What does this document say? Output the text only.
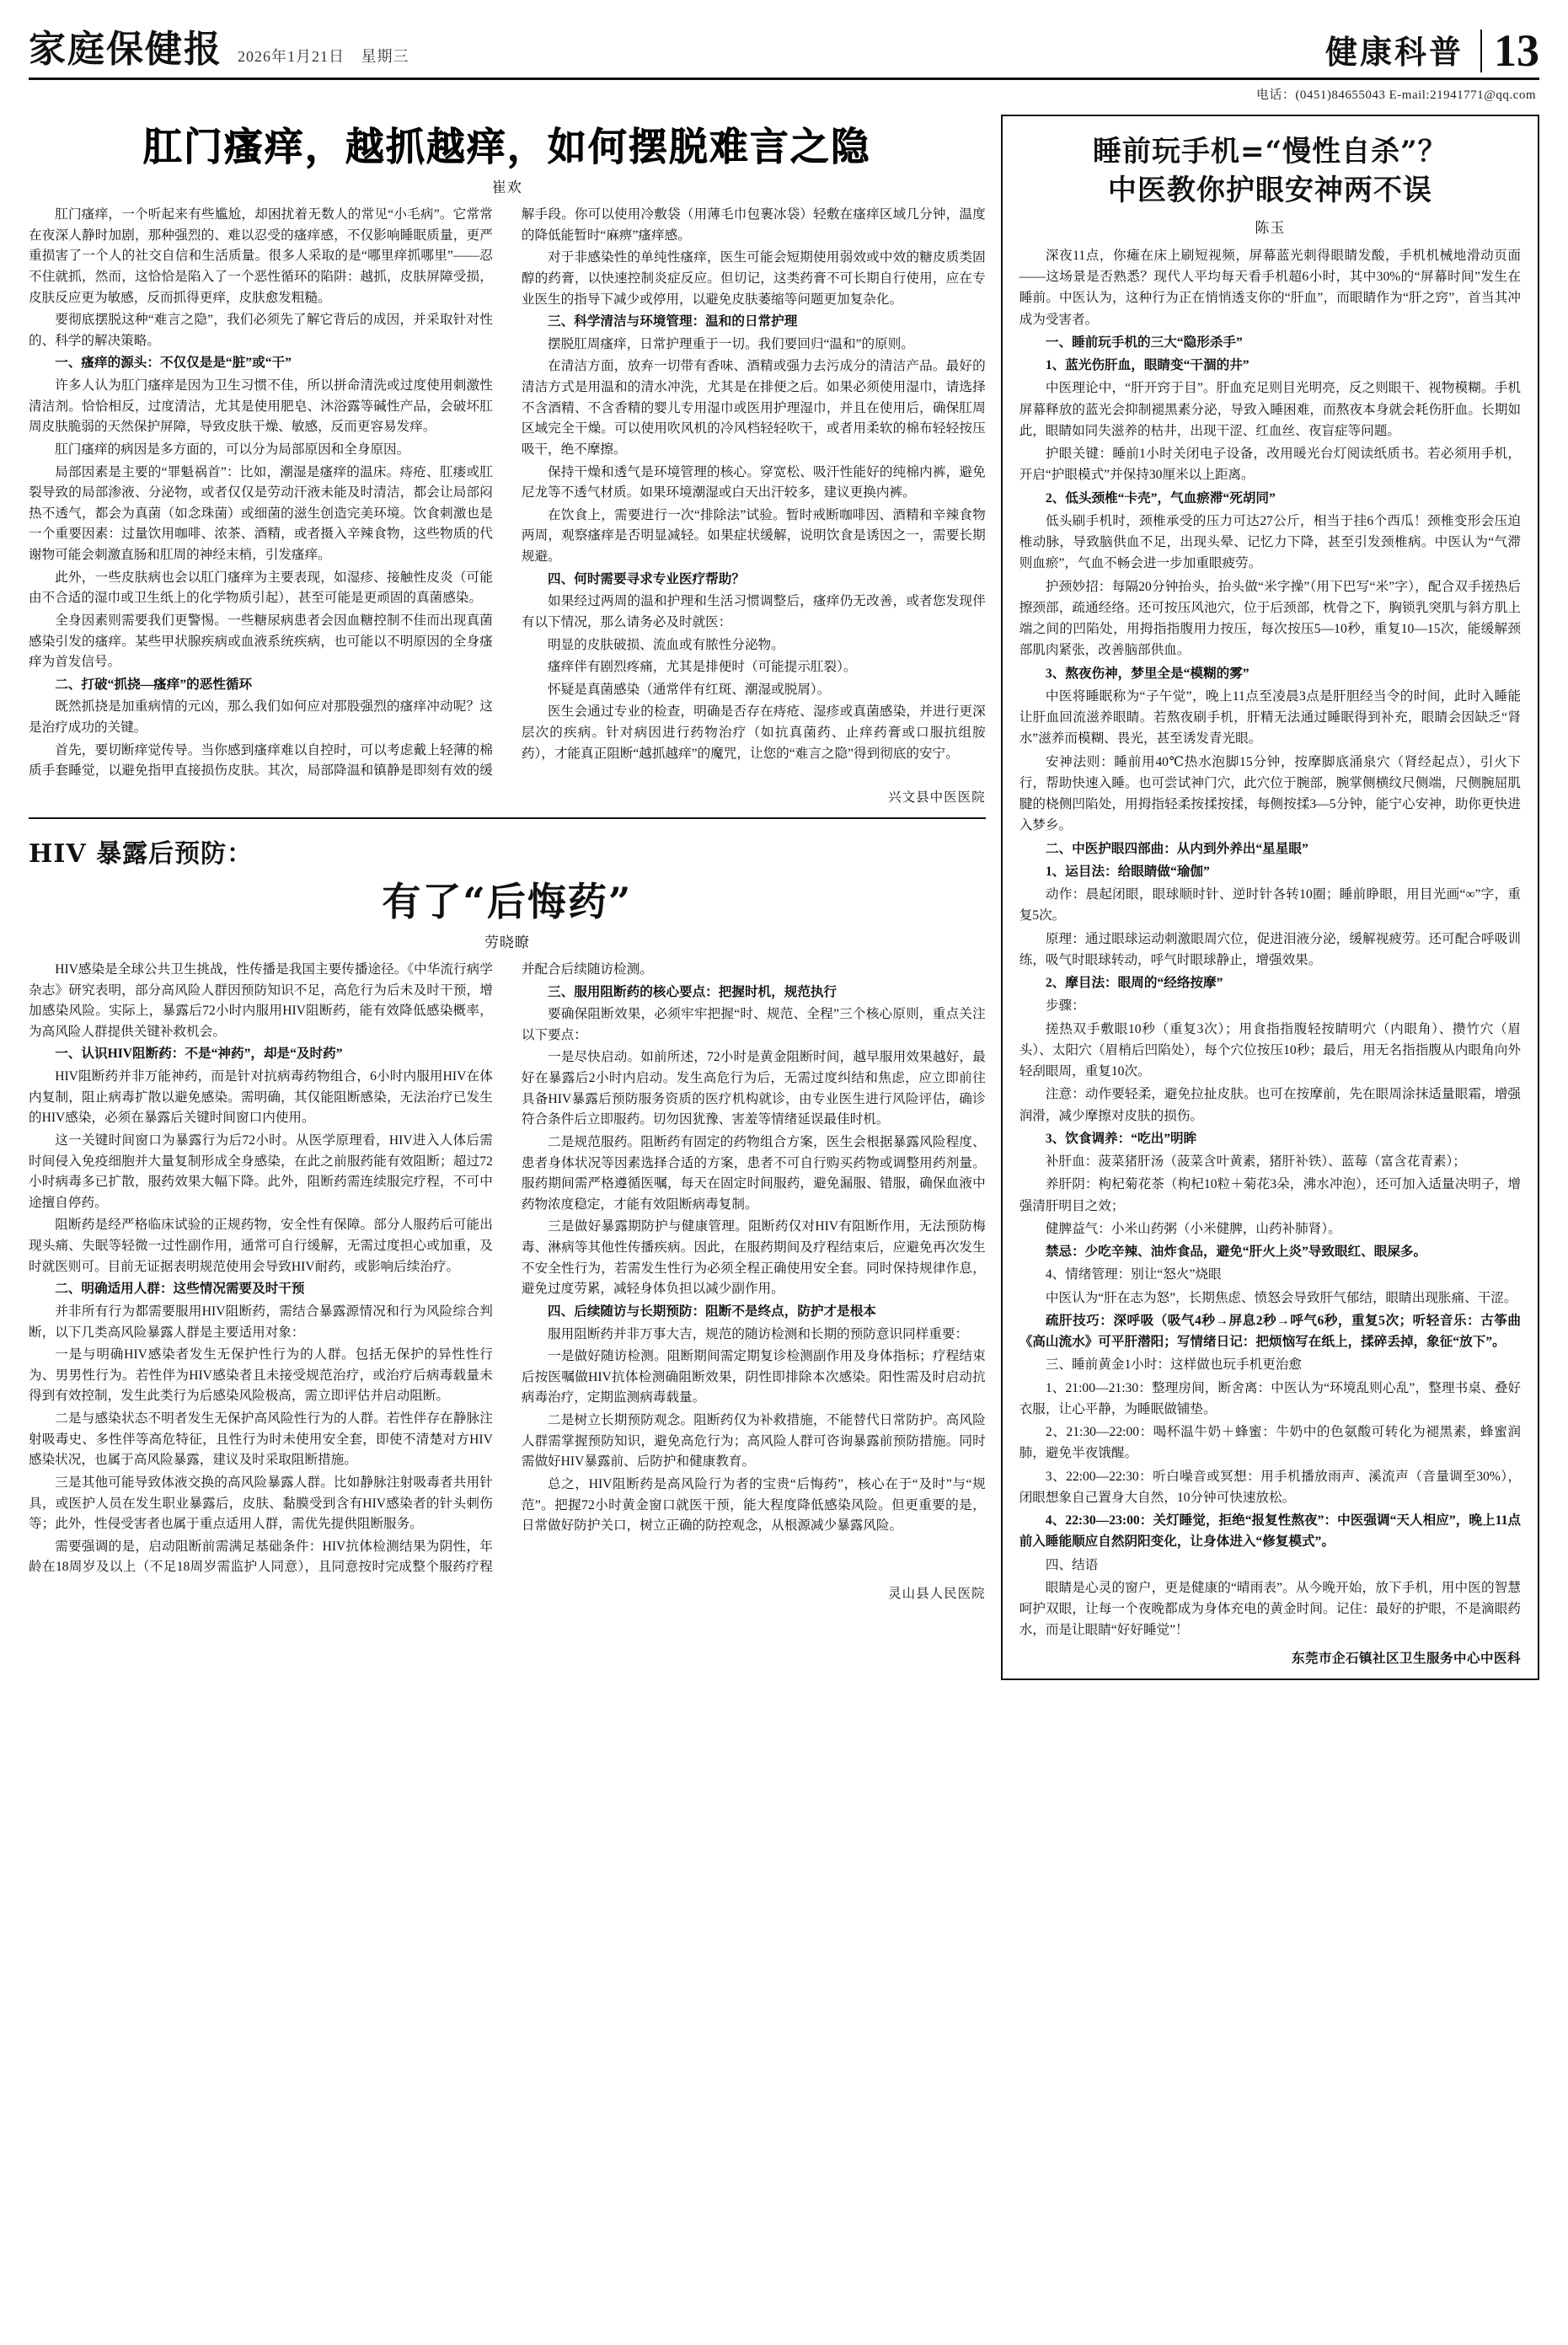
家庭保健报 2026年1月21日 星期三	健康科普 13
电话：(0451)84655043 E-mail:21941771@qq.com
肛门瘙痒，越抓越痒，如何摆脱难言之隐
崔欢

肛门瘙痒，一个听起来有些尴尬，却困扰着无数人的常见“小毛病”。它常常在夜深人静时加剧，那种强烈的、难以忍受的瘙痒感，不仅影响睡眠质量，更严重损害了一个人的社交自信和生活质量。很多人采取的是“哪里痒抓哪里”——忍不住就抓，然而，这恰恰是陷入了一个恶性循环的陷阱：越抓，皮肤屏障受损，皮肤反应更为敏感，反而抓得更痒，皮肤愈发粗糙。

要彻底摆脱这种“难言之隐”，我们必须先了解它背后的成因，并采取针对性的、科学的解决策略。

一、瘙痒的源头：不仅仅是是“脏”或“干”

许多人认为肛门瘙痒是因为卫生习惯不佳，所以拼命清洗或过度使用刺激性清洁剂。恰恰相反，过度清洁，尤其是使用肥皂、沐浴露等碱性产品，会破坏肛周皮肤脆弱的天然保护屏障，导致皮肤干燥、敏感，反而更容易发痒。

肛门瘙痒的病因是多方面的，可以分为局部原因和全身原因。

局部因素是主要的“罪魁祸首”：比如，潮湿是瘙痒的温床。痔疮、肛瘘或肛裂导致的局部渗液、分泌物，或者仅仅是劳动汗液未能及时清洁，都会让局部闷热不透气，都会为真菌（如念珠菌）或细菌的滋生创造完美环境。饮食刺激也是一个重要因素：过量饮用咖啡、浓茶、酒精，或者摄入辛辣食物，这些物质的代谢物可能会刺激直肠和肛周的神经末梢，引发瘙痒。

此外，一些皮肤病也会以肛门瘙痒为主要表现，如湿疹、接触性皮炎（可能由不合适的湿巾或卫生纸上的化学物质引起），甚至可能是更顽固的真菌感染。

全身因素则需要我们更警惕。一些糖尿病患者会因血糖控制不佳而出现真菌感染引发的瘙痒。某些甲状腺疾病或血液系统疾病，也可能以不明原因的全身瘙痒为首发信号。

二、打破“抓挠—瘙痒”的恶性循环

既然抓挠是加重病情的元凶，那么我们如何应对那股强烈的瘙痒冲动呢？这是治疗成功的关键。

首先，要切断痒觉传导。当你感到瘙痒难以自控时，可以考虑戴上轻薄的棉质手套睡觉，以避免指甲直接损伤皮肤。其次，局部降温和镇静是即刻有效的缓解手段。你可以使用冷敷袋（用薄毛巾包裹冰袋）轻敷在瘙痒区域几分钟，温度的降低能暂时“麻痹”瘙痒感。

对于非感染性的单纯性瘙痒，医生可能会短期使用弱效或中效的糖皮质类固醇的药膏，以快速控制炎症反应。但切记，这类药膏不可长期自行使用，应在专业医生的指导下减少或停用，以避免皮肤萎缩等问题更加复杂化。

三、科学清洁与环境管理：温和的日常护理

摆脱肛周瘙痒，日常护理重于一切。我们要回归“温和”的原则。

在清洁方面，放弃一切带有香味、酒精或强力去污成分的清洁产品。最好的清洁方式是用温和的清水冲洗，尤其是在排便之后。如果必须使用湿巾，请选择不含酒精、不含香精的婴儿专用湿巾或医用护理湿巾，并且在使用后，确保肛周区域完全干燥。可以使用吹风机的冷风档轻轻吹干，或者用柔软的棉布轻轻按压吸干，绝不摩擦。

保持干燥和透气是环境管理的核心。穿宽松、吸汗性能好的纯棉内裤，避免尼龙等不透气材质。如果环境潮湿或白天出汗较多，建议更换内裤。

在饮食上，需要进行一次“排除法”试验。暂时戒断咖啡因、酒精和辛辣食物两周，观察瘙痒是否明显减轻。如果症状缓解，说明饮食是诱因之一，需要长期规避。

四、何时需要寻求专业医疗帮助？

如果经过两周的温和护理和生活习惯调整后，瘙痒仍无改善，或者您发现伴有以下情况，那么请务必及时就医：

明显的皮肤破损、流血或有脓性分泌物。

瘙痒伴有剧烈疼痛，尤其是排便时（可能提示肛裂）。

怀疑是真菌感染（通常伴有红斑、潮湿或脱屑）。

医生会通过专业的检查，明确是否存在痔疮、湿疹或真菌感染，并进行更深层次的疾病。针对病因进行药物治疗（如抗真菌药、止痒药膏或口服抗组胺药），才能真正阻断“越抓越痒”的魔咒，让您的“难言之隐”得到彻底的安宁。

兴文县中医医院
HIV 暴露后预防：
有了“后悔药”
劳晓瞭

HIV感染是全球公共卫生挑战，性传播是我国主要传播途径。《中华流行病学杂志》研究表明，部分高风险人群因预防知识不足，高危行为后未及时干预，增加感染风险。实际上，暴露后72小时内服用HIV阻断药，能有效降低感染概率，为高风险人群提供关键补救机会。

一、认识HIV阻断药：不是“神药”，却是“及时药”

HIV阻断药并非万能神药，而是针对抗病毒药物组合，6小时内服用HIV在体内复制，阻止病毒扩散以避免感染。需明确，其仅能阻断感染，无法治疗已发生的HIV感染，必须在暴露后关键时间窗口内使用。

这一关键时间窗口为暴露行为后72小时。从医学原理看，HIV进入人体后需时间侵入免疫细胞并大量复制形成全身感染，在此之前服药能有效阻断；超过72小时病毒多已扩散，服药效果大幅下降。此外，阻断药需连续服完疗程，不可中途擅自停药。

阻断药是经严格临床试验的正规药物，安全性有保障。部分人服药后可能出现头痛、失眠等轻微一过性副作用，通常可自行缓解，无需过度担心或加重，及时就医则可。目前无证据表明规范使用会导致HIV耐药，或影响后续治疗。

二、明确适用人群：这些情况需要及时干预

并非所有行为都需要服用HIV阻断药，需结合暴露源情况和行为风险综合判断，以下几类高风险暴露人群是主要适用对象：

一是与明确HIV感染者发生无保护性行为的人群。包括无保护的异性性行为、男男性行为。若性伴为HIV感染者且未接受规范治疗，或治疗后病毒载量未得到有效控制，发生此类行为后感染风险极高，需立即评估并启动阻断。

二是与感染状态不明者发生无保护高风险性行为的人群。若性伴存在静脉注射吸毒史、多性伴等高危特征，且性行为时未使用安全套，即使不清楚对方HIV感染状况，也属于高风险暴露，建议及时采取阻断措施。

三是其他可能导致体液交换的高风险暴露人群。比如静脉注射吸毒者共用针具，或医护人员在发生职业暴露后，皮肤、黏膜受到含有HIV感染者的针头刺伤等；此外，性侵受害者也属于重点适用人群，需优先提供阻断服务。

需要强调的是，启动阻断前需满足基础条件：HIV抗体检测结果为阴性，年龄在18周岁及以上（不足18周岁需监护人同意），且同意按时完成整个服药疗程并配合后续随访检测。

三、服用阻断药的核心要点：把握时机，规范执行

要确保阻断效果，必须牢牢把握“时、规范、全程”三个核心原则，重点关注以下要点：

一是尽快启动。如前所述，72小时是黄金阻断时间，越早服用效果越好，最好在暴露后2小时内启动。发生高危行为后，无需过度纠结和焦虑，应立即前往具备HIV暴露后预防服务资质的医疗机构就诊，由专业医生进行风险评估，确诊符合条件后立即服药。切勿因犹豫、害羞等情绪延误最佳时机。

二是规范服药。阻断药有固定的药物组合方案，医生会根据暴露风险程度、患者身体状况等因素选择合适的方案，患者不可自行购买药物或调整用药剂量。服药期间需严格遵循医嘱，每天在固定时间服药，避免漏服、错服，确保血液中药物浓度稳定，才能有效阻断病毒复制。

三是做好暴露期防护与健康管理。阻断药仅对HIV有阻断作用，无法预防梅毒、淋病等其他性传播疾病。因此，在服药期间及疗程结束后，应避免再次发生不安全性行为，若需发生性行为必须全程正确使用安全套。同时保持规律作息，避免过度劳累，减轻身体负担以减少副作用。

四、后续随访与长期预防：阻断不是终点，防护才是根本

服用阻断药并非万事大吉，规范的随访检测和长期的预防意识同样重要：

一是做好随访检测。阻断期间需定期复诊检测副作用及身体指标；疗程结束后按医嘱做HIV抗体检测确阻断效果，阴性即排除本次感染。阳性需及时启动抗病毒治疗，定期监测病毒载量。

二是树立长期预防观念。阻断药仅为补救措施，不能替代日常防护。高风险人群需掌握预防知识，避免高危行为；高风险人群可咨询暴露前预防措施。同时需做好HIV暴露前、后防护和健康教育。

总之，HIV阻断药是高风险行为者的宝贵“后悔药”，核心在于“及时”与“规范”。把握72小时黄金窗口就医干预，能大程度降低感染风险。但更重要的是，日常做好防护关口，树立正确的防控观念，从根源减少暴露风险。

灵山县人民医院
睡前玩手机=“慢性自杀”？
中医教你护眼安神两不误
陈玉

深夜11点，你瘫在床上刷短视频，屏幕蓝光刺得眼睛发酸，手机机械地滑动页面——这场景是否熟悉？现代人平均每天看手机超6小时，其中30%的“屏幕时间”发生在睡前。中医认为，这种行为正在悄悄透支你的“肝血”，而眼睛作为“肝之窍”，首当其冲成为受害者。

一、睡前玩手机的三大“隐形杀手”

1、蓝光伤肝血，眼睛变“干涸的井”

中医理论中，“肝开窍于目”。肝血充足则目光明亮，反之则眼干、视物模糊。手机屏幕释放的蓝光会抑制褪黑素分泌，导致入睡困难，而熬夜本身就会耗伤肝血。长期如此，眼睛如同失滋养的枯井，出现干涩、红血丝、夜盲症等问题。

护眼关键：睡前1小时关闭电子设备，改用暖光台灯阅读纸质书。若必须用手机，开启“护眼模式”并保持30厘米以上距离。

2、低头颈椎“卡壳”，气血瘀滞“死胡同”

低头刷手机时，颈椎承受的压力可达27公斤，相当于挂6个西瓜！颈椎变形会压迫椎动脉，导致脑供血不足，出现头晕、记忆力下降，甚至引发颈椎病。中医认为“气滞则血瘀”，气血不畅会进一步加重眼疲劳。

护颈妙招：每隔20分钟抬头，抬头做“米字操”（用下巴写“米”字），配合双手搓热后擦颈部，疏通经络。还可按压风池穴，位于后颈部，枕骨之下，胸锁乳突肌与斜方肌上端之间的凹陷处，用拇指指腹用力按压，每次按压5—10秒，重复10—15次，能缓解颈部肌肉紧张，改善脑部供血。

3、熬夜伤神，梦里全是“模糊的雾”

中医将睡眠称为“子午觉”，晚上11点至凌晨3点是肝胆经当令的时间，此时入睡能让肝血回流滋养眼睛。若熬夜刷手机，肝精无法通过睡眠得到补充，眼睛会因缺乏“肾水”滋养而模糊、畏光，甚至诱发青光眼。

安神法则：睡前用40℃热水泡脚15分钟，按摩脚底涌泉穴（肾经起点），引火下行，帮助快速入睡。也可尝试神门穴，此穴位于腕部，腕掌侧横纹尺侧端，尺侧腕屈肌腱的桡侧凹陷处，用拇指轻柔按揉按揉，每侧按揉3—5分钟，能宁心安神，助你更快进入梦乡。

二、中医护眼四部曲：从内到外养出“星星眼”

1、运目法：给眼睛做“瑜伽”

动作：晨起闭眼，眼球顺时针、逆时针各转10圈；睡前睁眼，用目光画“∞”字，重复5次。

原理：通过眼球运动刺激眼周穴位，促进泪液分泌，缓解视疲劳。还可配合呼吸训练，吸气时眼球转动，呼气时眼球静止，增强效果。

2、摩目法：眼周的“经络按摩”

步骤：

搓热双手敷眼10秒（重复3次）；用食指指腹轻按睛明穴（内眼角）、攒竹穴（眉头）、太阳穴（眉梢后凹陷处），每个穴位按压10秒；最后，用无名指指腹从内眼角向外轻刮眼周，重复10次。

注意：动作要轻柔，避免拉扯皮肤。也可在按摩前，先在眼周涂抹适量眼霜，增强润滑，减少摩擦对皮肤的损伤。

3、饮食调养：“吃出”明眸

补肝血：菠菜猪肝汤（菠菜含叶黄素，猪肝补铁）、蓝莓（富含花青素）；

养肝阴：枸杞菊花茶（枸杞10粒＋菊花3朵，沸水冲泡），还可加入适量决明子，增强清肝明目之效；

健脾益气：小米山药粥（小米健脾，山药补肺肾）。

禁忌：少吃辛辣、油炸食品，避免“肝火上炎”导致眼红、眼屎多。

4、情绪管理：别让“怒火”烧眼

中医认为“肝在志为怒”，长期焦虑、愤怒会导致肝气郁结，眼睛出现胀痛、干涩。

疏肝技巧：深呼吸（吸气4秒→屏息2秒→呼气6秒，重复5次；听轻音乐：古筝曲《高山流水》可平肝潜阳；写情绪日记：把烦恼写在纸上，揉碎丢掉，象征“放下”。

三、睡前黄金1小时：这样做也玩手机更治愈

1、21:00—21:30：整理房间，断舍离：中医认为“环境乱则心乱”，整理书桌、叠好衣服，让心平静，为睡眠做铺垫。

2、21:30—22:00：喝杯温牛奶＋蜂蜜：牛奶中的色氨酸可转化为褪黑素，蜂蜜润肺，避免半夜饿醒。

3、22:00—22:30：听白噪音或冥想：用手机播放雨声、溪流声（音量调至30%），闭眼想象自己置身大自然，10分钟可快速放松。

4、22:30—23:00：关灯睡觉，拒绝“报复性熬夜”：中医强调“天人相应”，晚上11点前入睡能顺应自然阴阳变化，让身体进入“修复模式”。

四、结语

眼睛是心灵的窗户，更是健康的“晴雨表”。从今晚开始，放下手机，用中医的智慧呵护双眼，让每一个夜晚都成为身体充电的黄金时间。记住：最好的护眼，不是滴眼药水，而是让眼睛“好好睡觉”！

东莞市企石镇社区卫生服务中心中医科
